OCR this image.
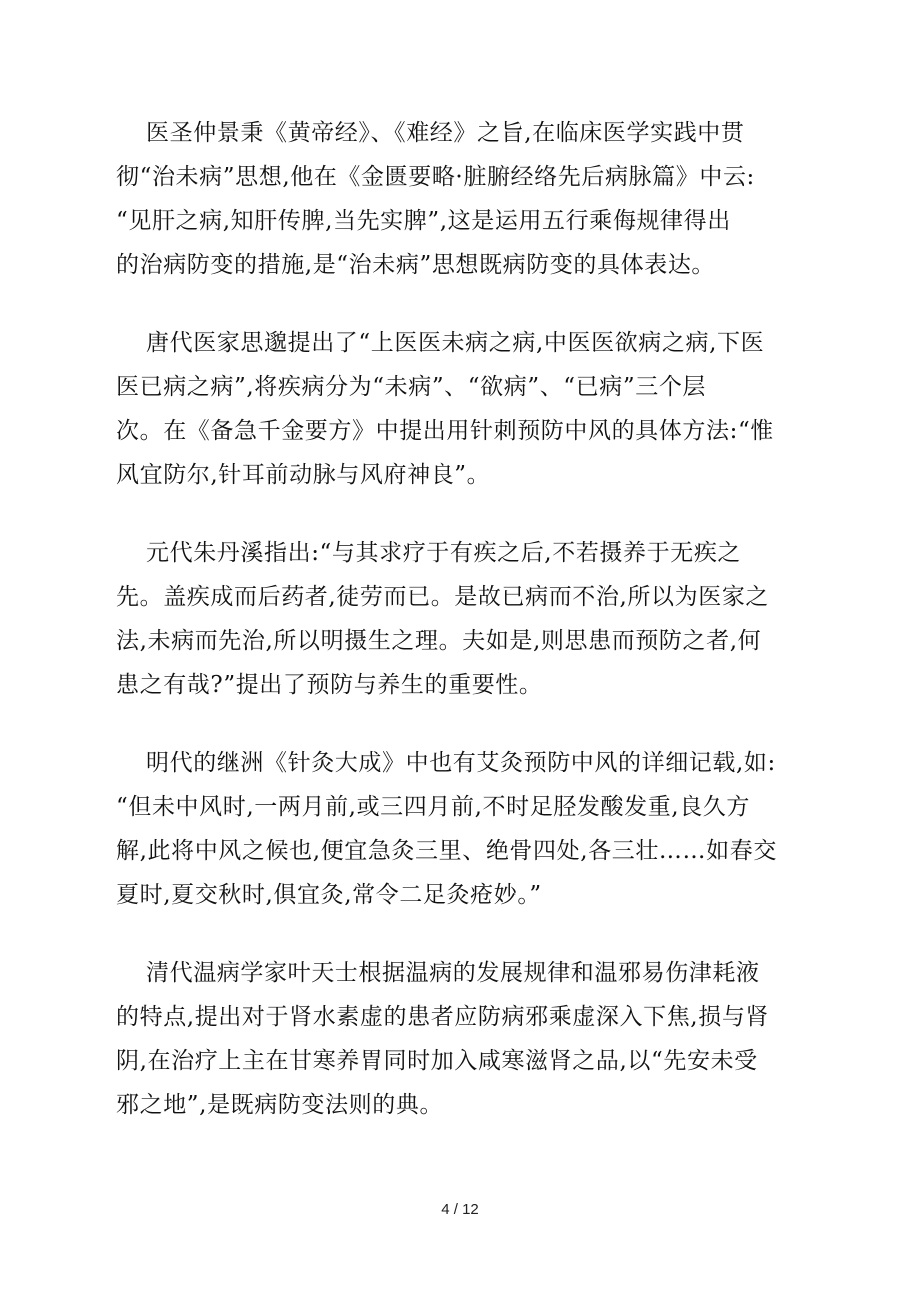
医圣仲景秉《黄帝经》、《难经》之旨,在临床医学实践中贯
彻“治未病”思想,他在《金匮要略·脏腑经络先后病脉篇》中云:
“见肝之病,知肝传脾,当先实脾”,这是运用五行乘侮规律得出
的治病防变的措施,是“治未病”思想既病防变的具体表达。
唐代医家思邈提出了“上医医未病之病,中医医欲病之病,下医
医已病之病”,将疾病分为“未病”、“欲病”、“已病”三个层
次。在《备急千金要方》中提出用针刺预防中风的具体方法:“惟
风宜防尔,针耳前动脉与风府神良”。
元代朱丹溪指出:“与其求疗于有疾之后,不若摄养于无疾之
先。盖疾成而后药者,徒劳而已。是故已病而不治,所以为医家之
法,未病而先治,所以明摄生之理。夫如是,则思患而预防之者,何
患之有哉?”提出了预防与养生的重要性。
明代的继洲《针灸大成》中也有艾灸预防中风的详细记载,如:
“但未中风时,一两月前,或三四月前,不时足胫发酸发重,良久方
解,此将中风之候也,便宜急灸三里、绝骨四处,各三壮……如春交
夏时,夏交秋时,俱宜灸,常令二足灸疮妙。”
清代温病学家叶天士根据温病的发展规律和温邪易伤津耗液
的特点,提出对于肾水素虚的患者应防病邪乘虚深入下焦,损与肾
阴,在治疗上主在甘寒养胃同时加入咸寒滋肾之品,以“先安未受
邪之地”,是既病防变法则的典。
4 / 12
